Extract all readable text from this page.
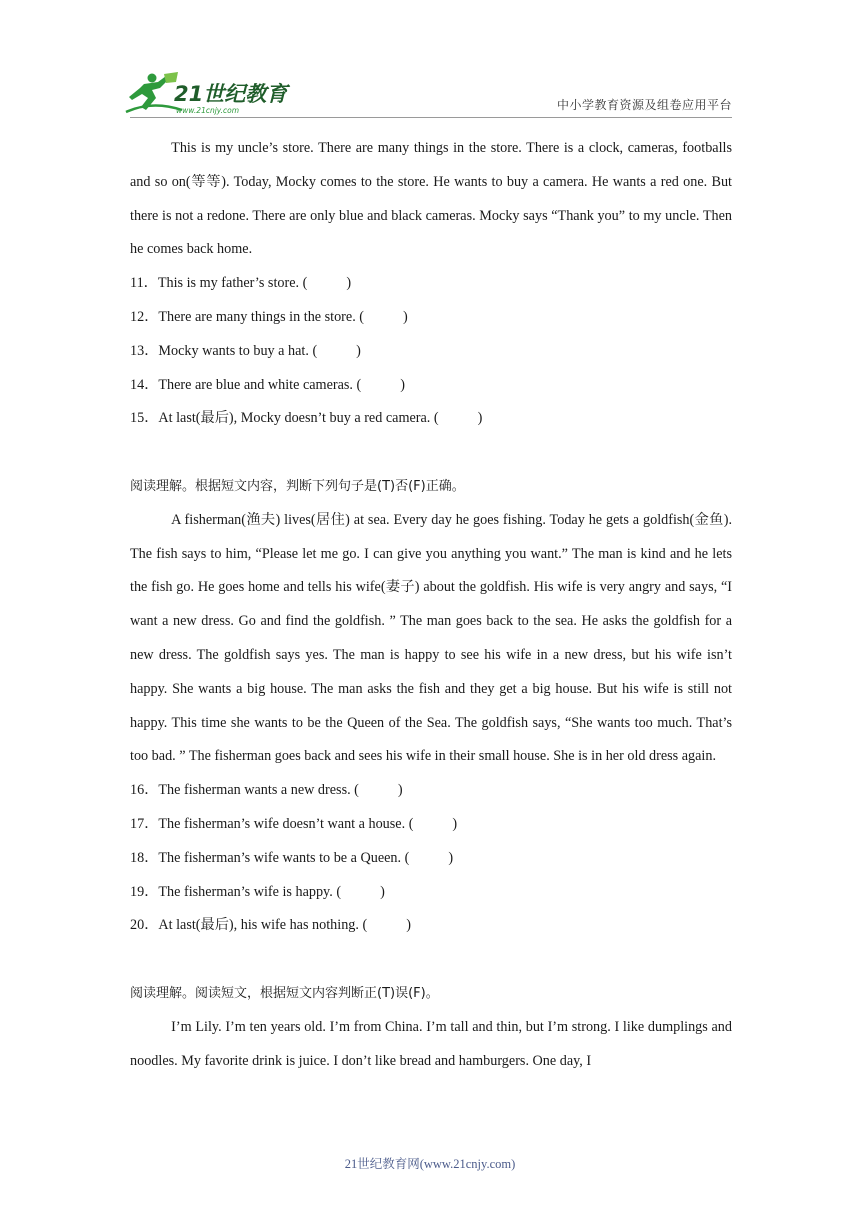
21世纪教育
www.21cnjy.com	中小学教育资源及组卷应用平台

This is my uncle’s store. There are many things in the store. There is a clock, cameras, footballs and so on(等等). Today, Mocky comes to the store. He wants to buy a camera. He wants a red one. But there is not a redone. There are only blue and black cameras. Mocky says “Thank you” to my uncle. Then he comes back home.

11．This is my father’s store. (           )

12．There are many things in the store. (           )

13．Mocky wants to buy a hat. (           )

14．There are blue and white cameras. (           )

15．At last(最后), Mocky doesn’t buy a red camera. (           )

阅读理解。根据短文内容，判断下列句子是(T)否(F)正确。

A fisherman(渔夫) lives(居住) at sea. Every day he goes fishing. Today he gets a goldfish(金鱼). The fish says to him, “Please let me go. I can give you anything you want.” The man is kind and he lets the fish go. He goes home and tells his wife(妻子) about the goldfish. His wife is very angry and says, “I want a new dress. Go and find the goldfish. ” The man goes back to the sea. He asks the goldfish for a new dress. The goldfish says yes. The man is happy to see his wife in a new dress, but his wife isn’t happy. She wants a big house. The man asks the fish and they get a big house. But his wife is still not happy. This time she wants to be the Queen of the Sea. The goldfish says, “She wants too much. That’s too bad. ” The fisherman goes back and sees his wife in their small house. She is in her old dress again.

16．The fisherman wants a new dress. (           )

17．The fisherman’s wife doesn’t want a house. (           )

18．The fisherman’s wife wants to be a Queen. (           )

19．The fisherman’s wife is happy. (           )

20．At last(最后), his wife has nothing. (           )

阅读理解。阅读短文，根据短文内容判断正(T)误(F)。

I’m Lily. I’m ten years old. I’m from China. I’m tall and thin, but I’m strong. I like dumplings and noodles. My favorite drink is juice. I don’t like bread and hamburgers. One day, I

21世纪教育网(www.21cnjy.com)
